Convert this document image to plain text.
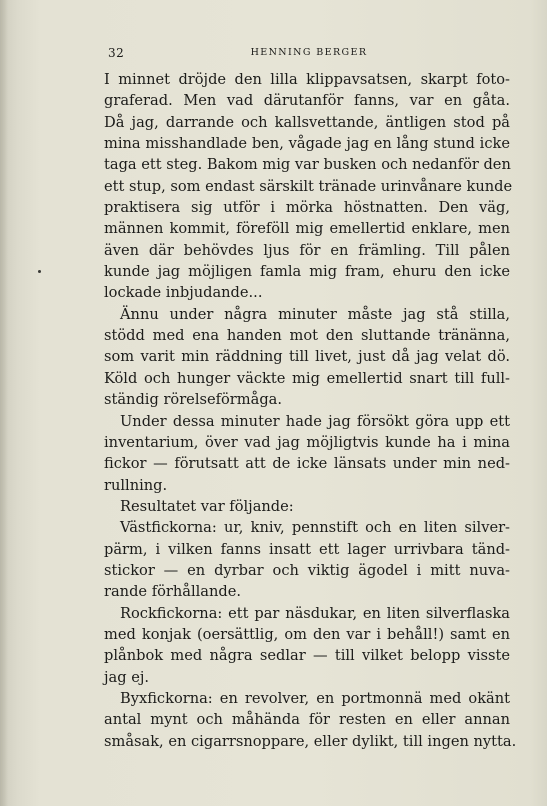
32	HENNING BERGER
I minnet dröjde den lilla klippavsatsen, skarpt foto-
graferad. Men vad därutanför fanns, var en gåta.
Då jag, darrande och kallsvettande, äntligen stod på
mina misshandlade ben, vågade jag en lång stund icke
taga ett steg. Bakom mig var busken och nedanför den
ett stup, som endast särskilt tränade urinvånare kunde
praktisera sig utför i mörka höstnatten. Den väg,
männen kommit, föreföll mig emellertid enklare, men
även där behövdes ljus för en främling. Till pålen
kunde jag möjligen famla mig fram, ehuru den icke
lockade inbjudande...
Ännu under några minuter måste jag stå stilla,
stödd med ena handen mot den sluttande tränänna,
som varit min räddning till livet, just då jag velat dö.
Köld och hunger väckte mig emellertid snart till full-
ständig rörelseförmåga.
Under dessa minuter hade jag försökt göra upp ett
inventarium, över vad jag möjligtvis kunde ha i mina
fickor — förutsatt att de icke länsats under min ned-
rullning.
Resultatet var följande:
Västfickorna: ur, kniv, pennstift och en liten silver-
pärm, i vilken fanns insatt ett lager urrivbara tänd-
stickor — en dyrbar och viktig ägodel i mitt nuva-
rande förhållande.
Rockfickorna: ett par näsdukar, en liten silverflaska
med konjak (oersättlig, om den var i behåll!) samt en
plånbok med några sedlar — till vilket belopp visste
jag ej.
Byxfickorna: en revolver, en portmonnä med okänt
antal mynt och måhända för resten en eller annan
småsak, en cigarrsnoppare, eller dylikt, till ingen nytta.
